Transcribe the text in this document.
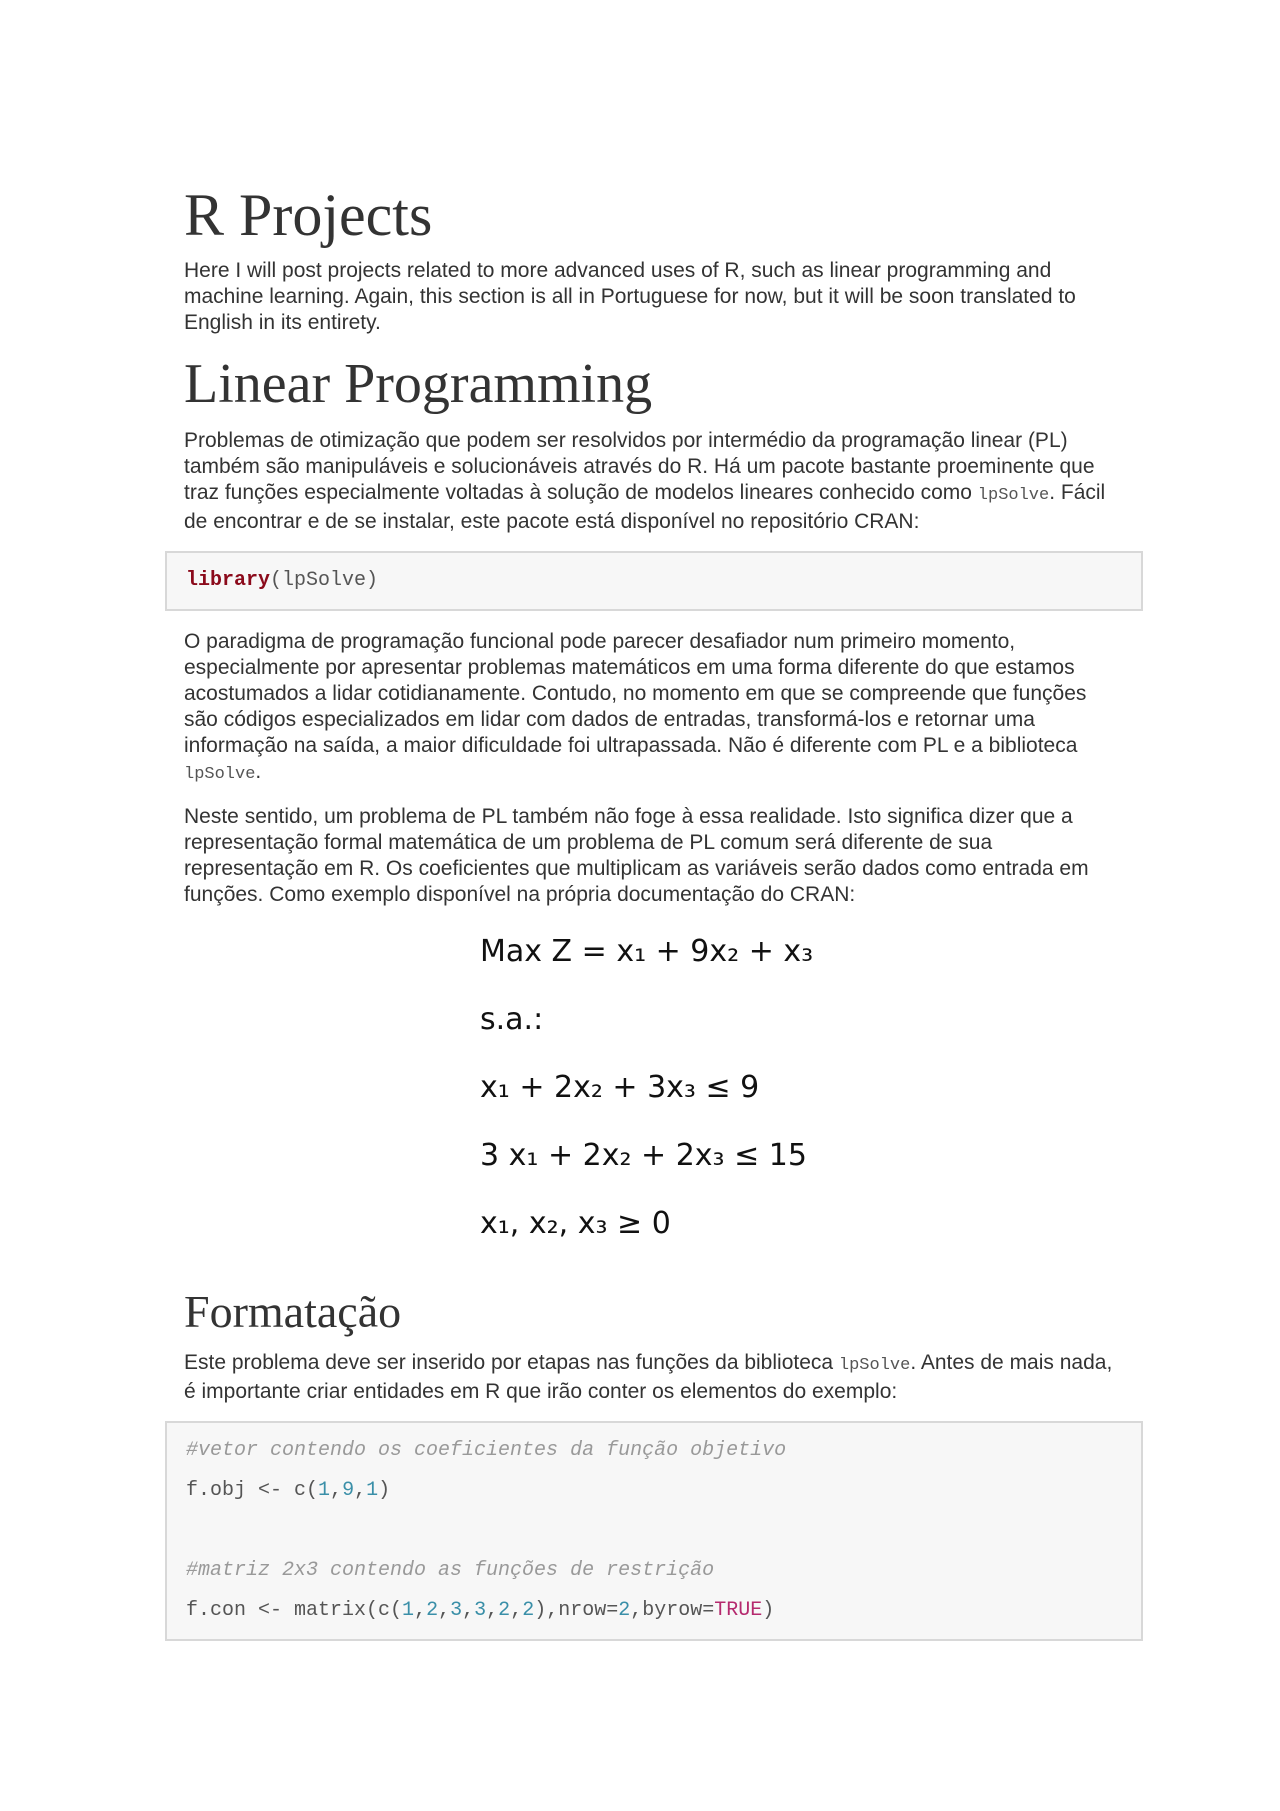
R Projects

Here I will post projects related to more advanced uses of R, such as linear programming and machine learning. Again, this section is all in Portuguese for now, but it will be soon translated to English in its entirety.

Linear Programming

Problemas de otimização que podem ser resolvidos por intermédio da programação linear (PL) também são manipuláveis e solucionáveis através do R. Há um pacote bastante proeminente que traz funções especialmente voltadas à solução de modelos lineares conhecido como lpSolve. Fácil de encontrar e de se instalar, este pacote está disponível no repositório CRAN:

library(lpSolve)

O paradigma de programação funcional pode parecer desafiador num primeiro momento, especialmente por apresentar problemas matemáticos em uma forma diferente do que estamos acostumados a lidar cotidianamente. Contudo, no momento em que se compreende que funções são códigos especializados em lidar com dados de entradas, transformá-los e retornar uma informação na saída, a maior dificuldade foi ultrapassada. Não é diferente com PL e a biblioteca lpSolve.

Neste sentido, um problema de PL também não foge à essa realidade. Isto significa dizer que a representação formal matemática de um problema de PL comum será diferente de sua representação em R. Os coeficientes que multiplicam as variáveis serão dados como entrada em funções. Como exemplo disponível na própria documentação do CRAN:

Max Z = x₁ + 9x₂ + x₃
s.a.:
x₁ + 2x₂ + 3x₃ ≤ 9
3 x₁ + 2x₂ + 2x₃ ≤ 15
x₁, x₂, x₃ ≥ 0
Formatação

Este problema deve ser inserido por etapas nas funções da biblioteca lpSolve. Antes de mais nada, é importante criar entidades em R que irão conter os elementos do exemplo:

#vetor contendo os coeficientes da função objetivo
f.obj <- c(1,9,1)
#matriz 2x3 contendo as funções de restrição
f.con <- matrix(c(1,2,3,3,2,2),nrow=2,byrow=TRUE)
